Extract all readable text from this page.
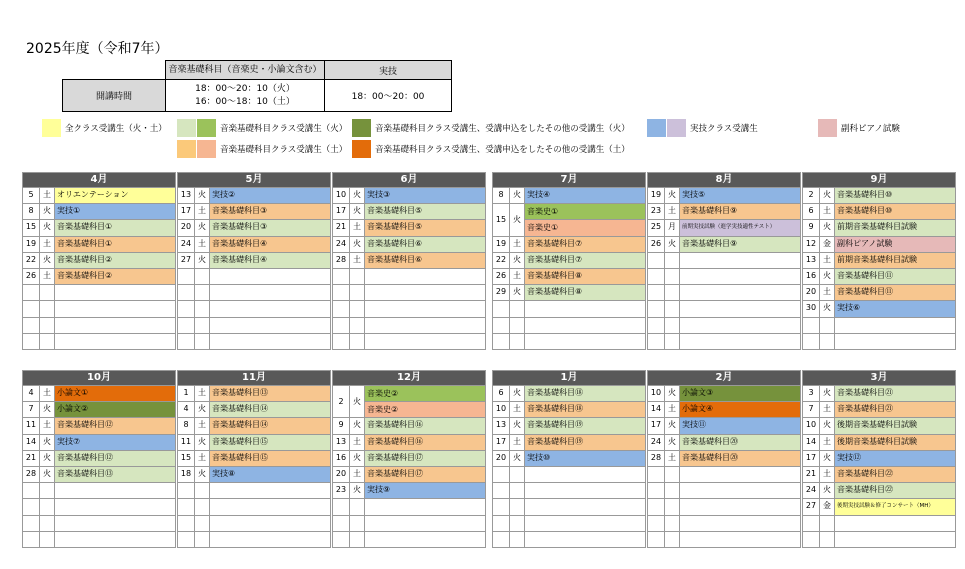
2025年度（令和7年）
	音楽基礎科目（音楽史・小論文含む）	実技
開講時間	18：00〜20：10（火）
16：00〜18：10（土）	18：00〜20：00
全クラス受講生（火・土）	音楽基礎科目クラス受講生（火）
音楽基礎科目クラス受講生（土）
音楽基礎科目クラス受講生、受講申込をしたその他の受講生（火）
音楽基礎科目クラス受講生、受講申込をしたその他の受講生（土）
実技クラス受講生	副科ピアノ試験
4月
5	土 オリエンテーション
8	火 実技①
15 火 音楽基礎科目①
19 土 音楽基礎科目①
22 火 音楽基礎科目②
26 土 音楽基礎科目②
5月
13 火 実技②
17 土 音楽基礎科目③
20 火 音楽基礎科目③
24 土 音楽基礎科目④
27 火 音楽基礎科目④
6月
10 火 実技③
17 火 音楽基礎科目⑤
21 土 音楽基礎科目⑤
24 火 音楽基礎科目⑥
28 土 音楽基礎科目⑥
7月
8	火 実技④
15 火
音楽史①
音楽史①
19 土 音楽基礎科目⑦
22 火 音楽基礎科目⑦
26 土 音楽基礎科目⑧
29 火 音楽基礎科目⑧
8月
19 火 実技⑤
23 土 音楽基礎科目⑨
25 月	前期実技試験（進学実技適性テスト）
26 火 音楽基礎科目⑨
9月
2	火 音楽基礎科目⑩
6	土 音楽基礎科目⑩
9	火 前期音楽基礎科目試験
12 金 副科ピアノ試験
13 土 前期音楽基礎科目試験
16 火 音楽基礎科目⑪
20 土 音楽基礎科目⑪
30 火 実技⑥
10月
4	土 小論文①
7	火 小論文②
11 土 音楽基礎科目⑫
14 火 実技⑦
21 火 音楽基礎科目⑫
28 火 音楽基礎科目⑬
11月
1	土 音楽基礎科目⑬
4	火 音楽基礎科目⑭
8	土 音楽基礎科目⑭
11 火 音楽基礎科目⑮
15 土 音楽基礎科目⑮
18 火 実技⑧
12月
2	火
音楽史②
音楽史②
9	火 音楽基礎科目⑯
13 土 音楽基礎科目⑯
16 火 音楽基礎科目⑰
20 土 音楽基礎科目⑰
23 火 実技⑨
1月
6	火 音楽基礎科目⑱
10 土 音楽基礎科目⑱
13 火 音楽基礎科目⑲
17 土 音楽基礎科目⑲
20 火 実技⑩
2月
10 火 小論文③
14 土 小論文④
17 火 実技⑪
24 火 音楽基礎科目⑳
28 土 音楽基礎科目⑳
3月
3	火 音楽基礎科目㉑
7	土 音楽基礎科目㉑
10 火 後期音楽基礎科目試験
14 土 後期音楽基礎科目試験
17 火 実技⑫
21 土 音楽基礎科目㉒
24 火 音楽基礎科目㉒
27 金	後期実技試験＆修了コンサート（MH）
